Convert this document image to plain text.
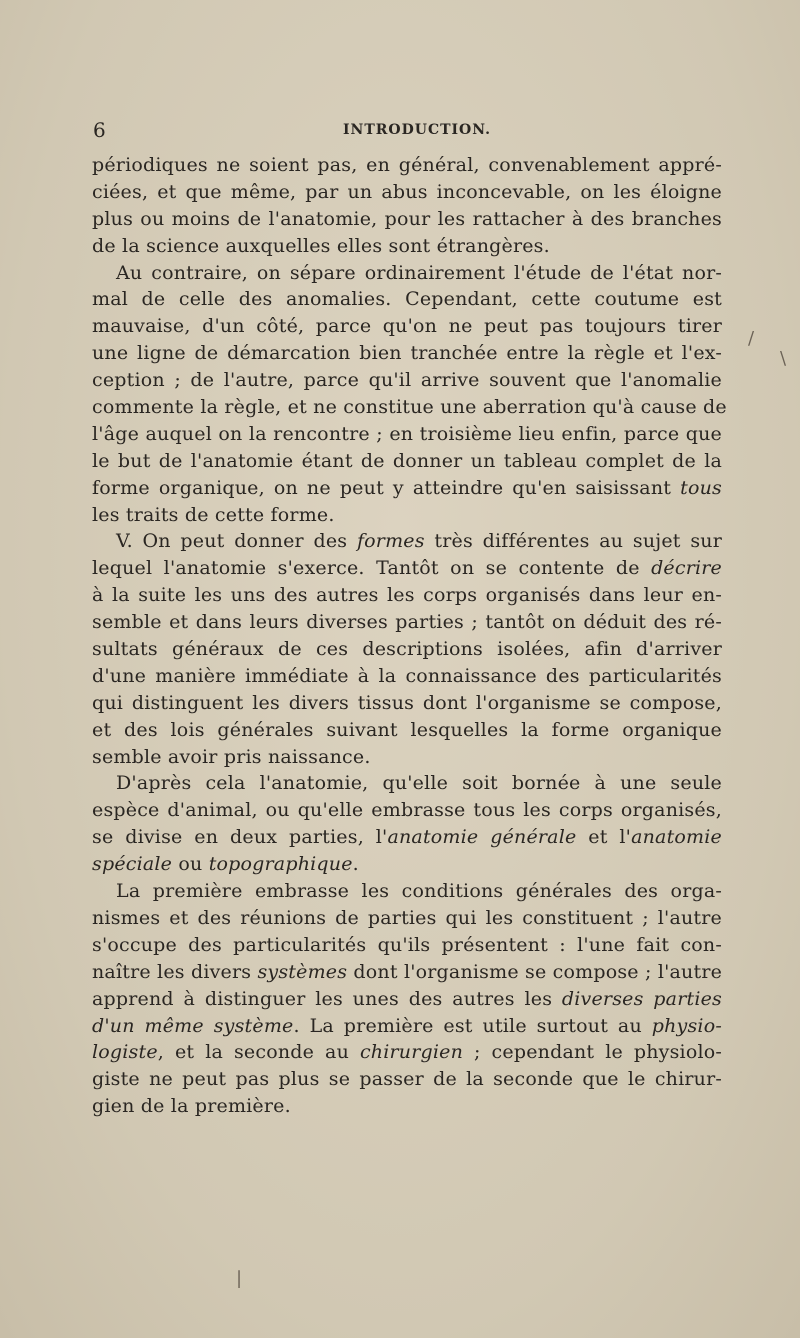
6	INTRODUCTION.
périodiques ne soient pas, en général, convenablement appré-
ciées, et que même, par un abus inconcevable, on les éloigne
plus ou moins de l'anatomie, pour les rattacher à des branches
de la science auxquelles elles sont étrangères.
Au contraire, on sépare ordinairement l'étude de l'état nor-
mal de celle des anomalies. Cependant, cette coutume est
mauvaise, d'un côté, parce qu'on ne peut pas toujours tirer
une ligne de démarcation bien tranchée entre la règle et l'ex-
ception ; de l'autre, parce qu'il arrive souvent que l'anomalie
commente la règle, et ne constitue une aberration qu'à cause de
l'âge auquel on la rencontre ; en troisième lieu enfin, parce que
le but de l'anatomie étant de donner un tableau complet de la
forme organique, on ne peut y atteindre qu'en saisissant tous
les traits de cette forme.
V. On peut donner des formes très différentes au sujet sur
lequel l'anatomie s'exerce. Tantôt on se contente de décrire
à la suite les uns des autres les corps organisés dans leur en-
semble et dans leurs diverses parties ; tantôt on déduit des ré-
sultats généraux de ces descriptions isolées, afin d'arriver
d'une manière immédiate à la connaissance des particularités
qui distinguent les divers tissus dont l'organisme se compose,
et des lois générales suivant lesquelles la forme organique
semble avoir pris naissance.
D'après cela l'anatomie, qu'elle soit bornée à une seule
espèce d'animal, ou qu'elle embrasse tous les corps organisés,
se divise en deux parties, l'anatomie générale et l'anatomie
spéciale ou topographique.
La première embrasse les conditions générales des orga-
nismes et des réunions de parties qui les constituent ; l'autre
s'occupe des particularités qu'ils présentent : l'une fait con-
naître les divers systèmes dont l'organisme se compose ; l'autre
apprend à distinguer les unes des autres les diverses parties
d'un même système. La première est utile surtout au physio-
logiste, et la seconde au chirurgien ; cependant le physiolo-
giste ne peut pas plus se passer de la seconde que le chirur-
gien de la première.
/
\
|
